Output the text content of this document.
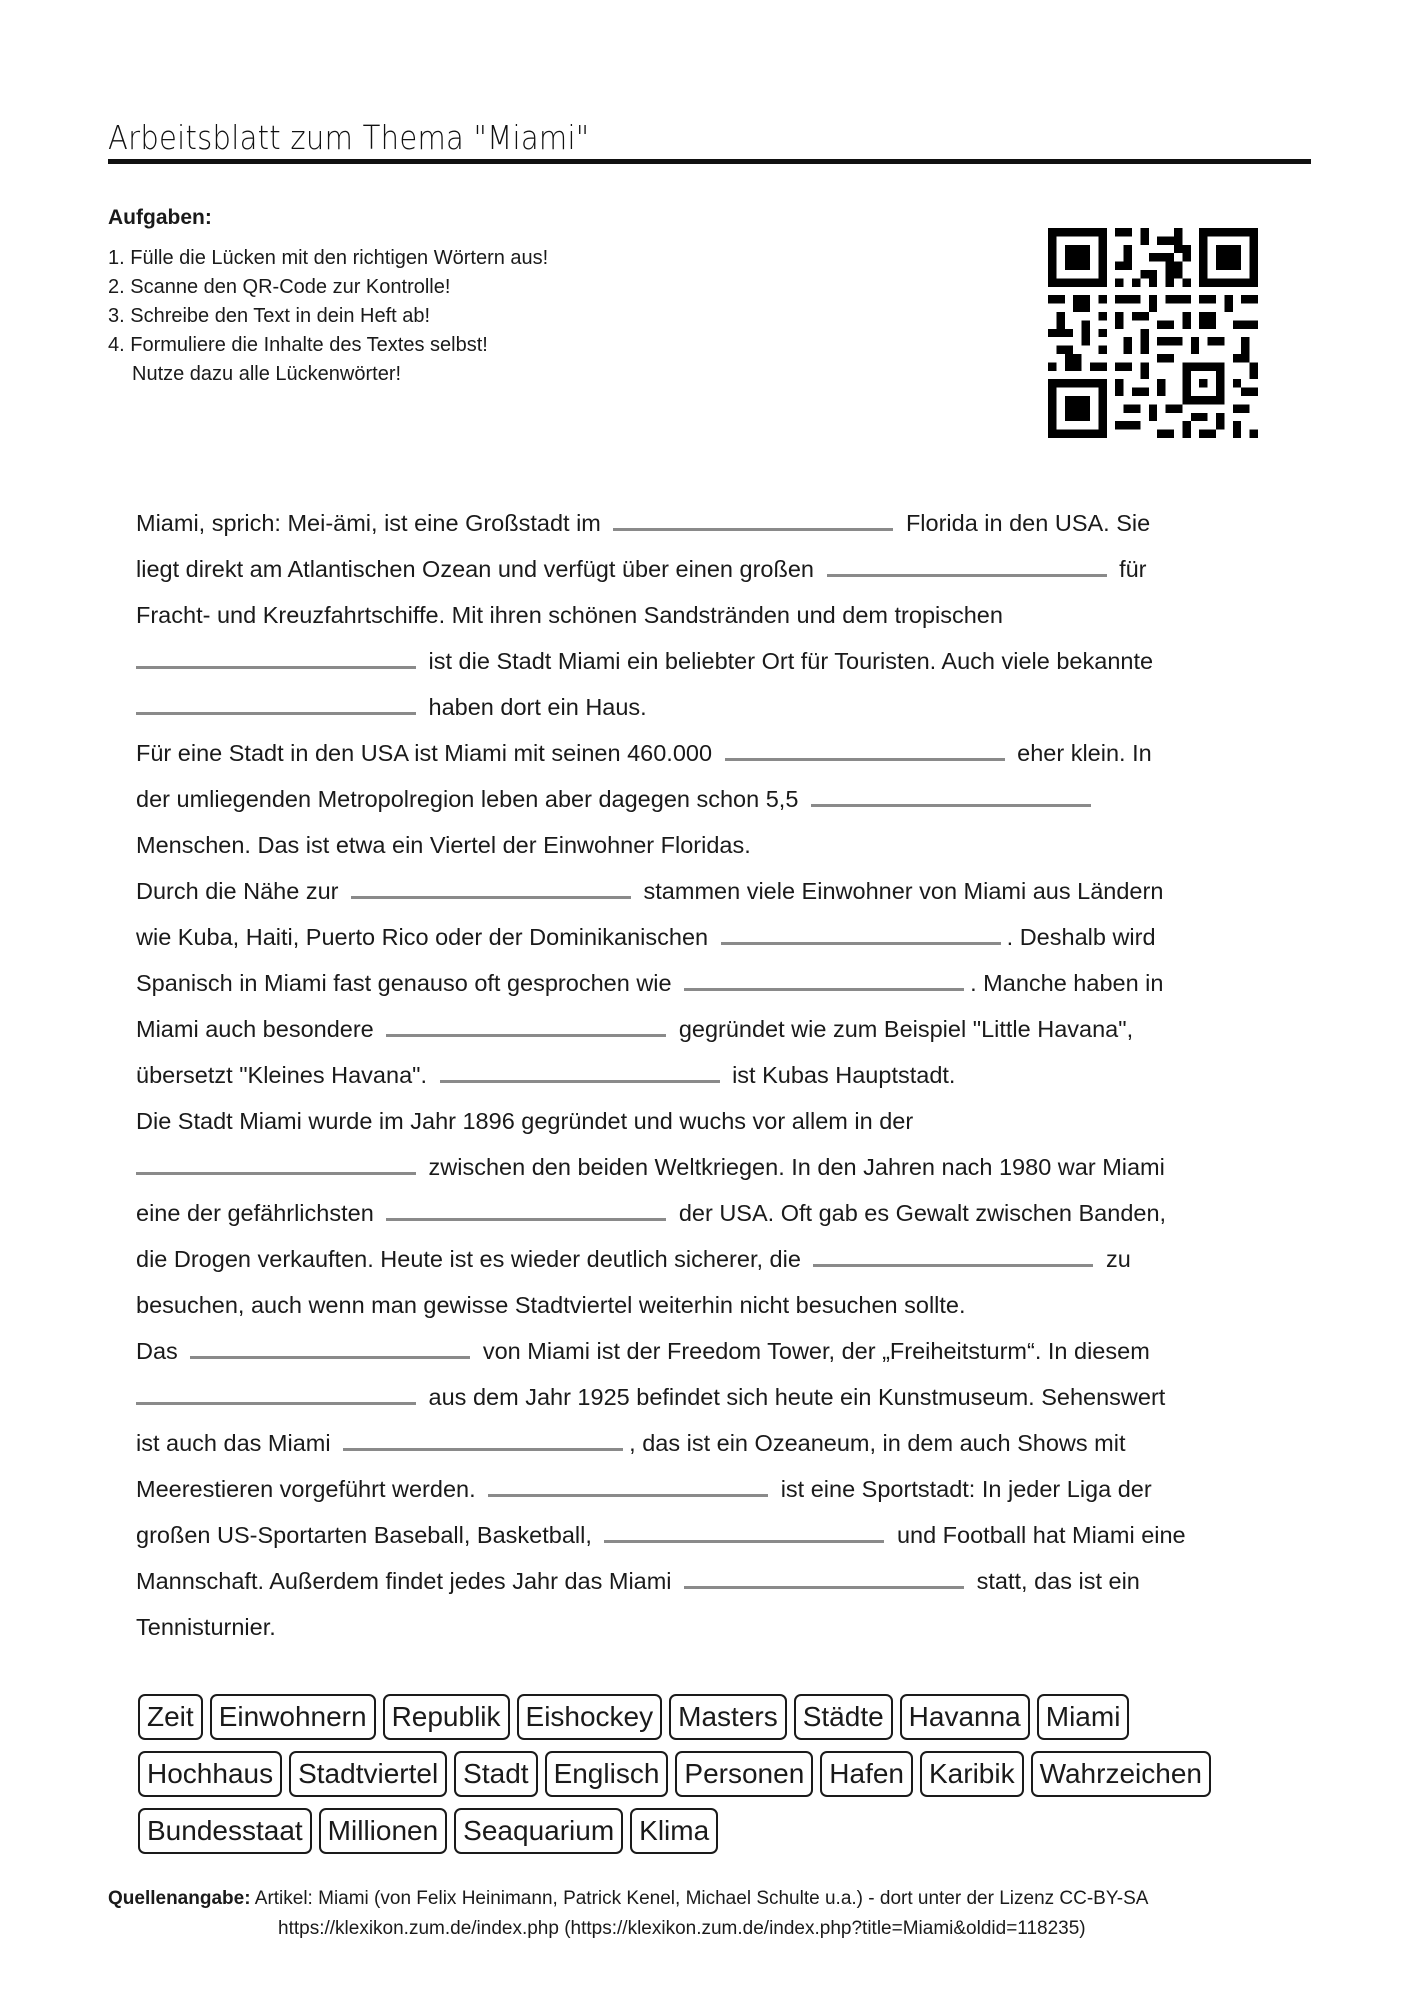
Arbeitsblatt zum Thema "Miami"
Aufgaben:
1. Fülle die Lücken mit den richtigen Wörtern aus!
2. Scanne den QR-Code zur Kontrolle!
3. Schreibe den Text in dein Heft ab!
4. Formuliere die Inhalte des Textes selbst!
Nutze dazu alle Lückenwörter!
Miami, sprich: Mei-ämi, ist eine Großstadt im	Florida in den USA. Sie
liegt direkt am Atlantischen Ozean und verfügt über einen großen	für
Fracht- und Kreuzfahrtschiffe. Mit ihren schönen Sandstränden und dem tropischen
ist die Stadt Miami ein beliebter Ort für Touristen. Auch viele bekannte
haben dort ein Haus.
Für eine Stadt in den USA ist Miami mit seinen 460.000	eher klein. In
der umliegenden Metropolregion leben aber dagegen schon 5,5
Menschen. Das ist etwa ein Viertel der Einwohner Floridas.
Durch die Nähe zur	stammen viele Einwohner von Miami aus Ländern
wie Kuba, Haiti, Puerto Rico oder der Dominikanischen	. Deshalb wird
Spanisch in Miami fast genauso oft gesprochen wie	. Manche haben in
Miami auch besondere	gegründet wie zum Beispiel "Little Havana",
übersetzt "Kleines Havana".	ist Kubas Hauptstadt.
Die Stadt Miami wurde im Jahr 1896 gegründet und wuchs vor allem in der
zwischen den beiden Weltkriegen. In den Jahren nach 1980 war Miami
eine der gefährlichsten	der USA. Oft gab es Gewalt zwischen Banden,
die Drogen verkauften. Heute ist es wieder deutlich sicherer, die	zu
besuchen, auch wenn man gewisse Stadtviertel weiterhin nicht besuchen sollte.
Das	von Miami ist der Freedom Tower, der „Freiheitsturm“. In diesem
aus dem Jahr 1925 befindet sich heute ein Kunstmuseum. Sehenswert
ist auch das Miami	, das ist ein Ozeaneum, in dem auch Shows mit
Meerestieren vorgeführt werden.	ist eine Sportstadt: In jeder Liga der
großen US-Sportarten Baseball, Basketball,	und Football hat Miami eine
Mannschaft. Außerdem findet jedes Jahr das Miami	statt, das ist ein
Tennisturnier.
Zeit Einwohnern Republik Eishockey Masters Städte Havanna Miami
Hochhaus Stadtviertel Stadt Englisch Personen Hafen Karibik Wahrzeichen
Bundesstaat Millionen Seaquarium Klima
Quellenangabe: Artikel: Miami (von Felix Heinimann, Patrick Kenel, Michael Schulte u.a.) - dort unter der Lizenz CC-BY-SA
https://klexikon.zum.de/index.php (https://klexikon.zum.de/index.php?title=Miami&oldid=118235)
